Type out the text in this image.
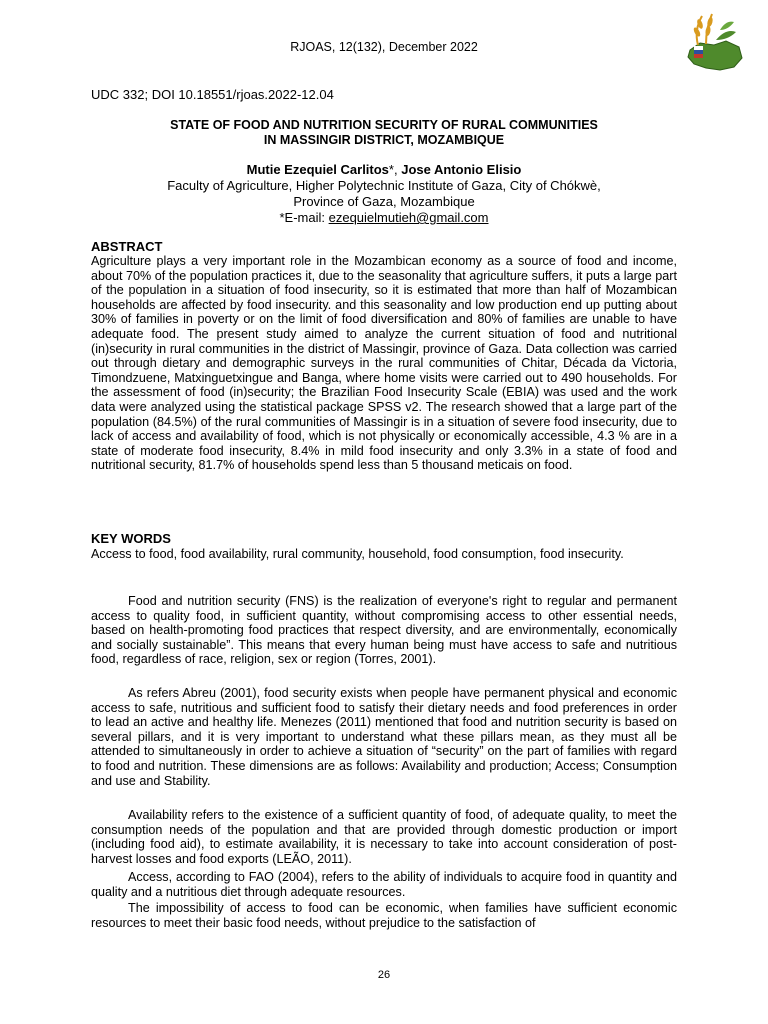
RJOAS, 12(132), December 2022
UDC 332; DOI 10.18551/rjoas.2022-12.04
STATE OF FOOD AND NUTRITION SECURITY OF RURAL COMMUNITIES
IN MASSINGIR DISTRICT, MOZAMBIQUE
Mutie Ezequiel Carlitos*, Jose Antonio Elisio
Faculty of Agriculture, Higher Polytechnic Institute of Gaza, City of Chókwè,
Province of Gaza, Mozambique
*E-mail: ezequielmutieh@gmail.com
ABSTRACT

Agriculture plays a very important role in the Mozambican economy as a source of food and income, about 70% of the population practices it, due to the seasonality that agriculture suffers, it puts a large part of the population in a situation of food insecurity, so it is estimated that more than half of Mozambican households are affected by food insecurity. and this seasonality and low production end up putting about 30% of families in poverty or on the limit of food diversification and 80% of families are unable to have adequate food. The present study aimed to analyze the current situation of food and nutritional (in)security in rural communities in the district of Massingir, province of Gaza. Data collection was carried out through dietary and demographic surveys in the rural communities of Chitar, Década da Victoria, Timondzuene, Matxinguetxingue and Banga, where home visits were carried out to 490 households. For the assessment of food (in)security; the Brazilian Food Insecurity Scale (EBIA) was used and the work data were analyzed using the statistical package SPSS v2. The research showed that a large part of the population (84.5%) of the rural communities of Massingir is in a situation of severe food insecurity, due to lack of access and availability of food, which is not physically or economically accessible, 4.3 % are in a state of moderate food insecurity, 8.4% in mild food insecurity and only 3.3% in a state of food and nutritional security, 81.7% of households spend less than 5 thousand meticais on food.

KEY WORDS

Access to food, food availability, rural community, household, food consumption, food insecurity.

Food and nutrition security (FNS) is the realization of everyone's right to regular and permanent access to quality food, in sufficient quantity, without compromising access to other essential needs, based on health-promoting food practices that respect diversity, and are environmentally, economically and socially sustainable”. This means that every human being must have access to safe and nutritious food, regardless of race, religion, sex or region (Torres, 2001).

As refers Abreu (2001), food security exists when people have permanent physical and economic access to safe, nutritious and sufficient food to satisfy their dietary needs and food preferences in order to lead an active and healthy life. Menezes (2011) mentioned that food and nutrition security is based on several pillars, and it is very important to understand what these pillars mean, as they must all be attended to simultaneously in order to achieve a situation of “security” on the part of families with regard to food and nutrition. These dimensions are as follows: Availability and production; Access; Consumption and use and Stability.

Availability refers to the existence of a sufficient quantity of food, of adequate quality, to meet the consumption needs of the population and that are provided through domestic production or import (including food aid), to estimate availability, it is necessary to take into account consideration of post-harvest losses and food exports (LEÃO, 2011).

Access, according to FAO (2004), refers to the ability of individuals to acquire food in quantity and quality and a nutritious diet through adequate resources.

The impossibility of access to food can be economic, when families have sufficient economic resources to meet their basic food needs, without prejudice to the satisfaction of

26
